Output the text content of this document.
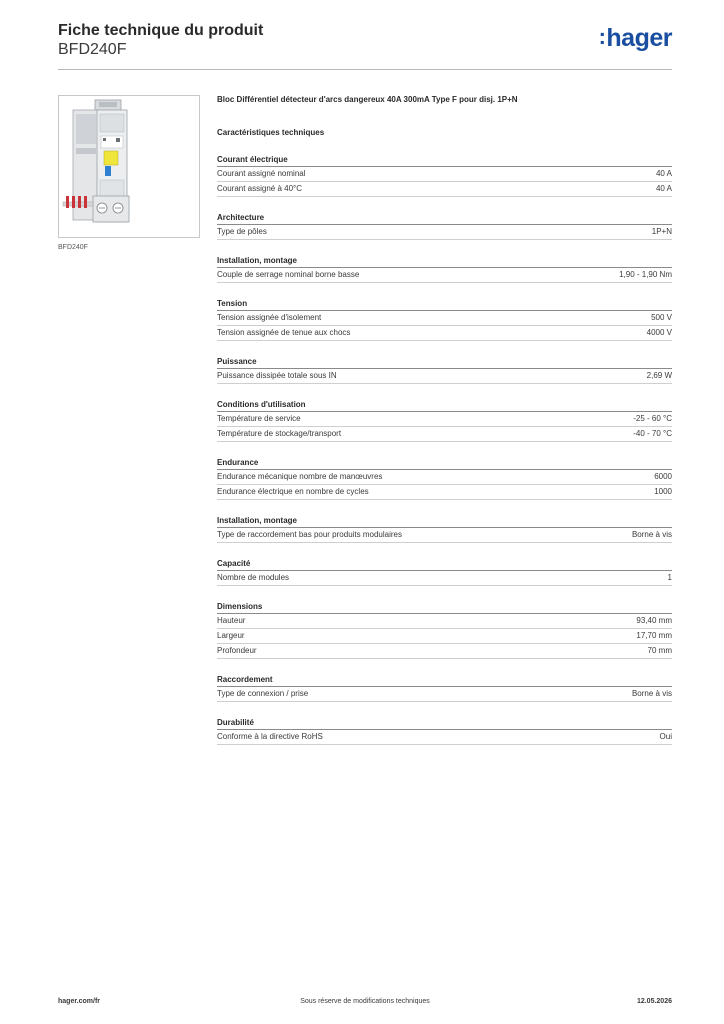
Fiche technique du produit
BFD240F
:hager
BFD240F
Bloc Différentiel détecteur d'arcs dangereux 40A 300mA Type F pour disj. 1P+N
Caractéristiques techniques
Courant électrique
Courant assigné nominal	40 A
Courant assigné à 40°C	40 A
Architecture
Type de pôles	1P+N
Installation, montage
Couple de serrage nominal borne basse	1,90 - 1,90 Nm
Tension
Tension assignée d'isolement	500 V
Tension assignée de tenue aux chocs	4000 V
Puissance
Puissance dissipée totale sous IN	2,69 W
Conditions d'utilisation
Température de service	-25 - 60 °C
Température de stockage/transport	-40 - 70 °C
Endurance
Endurance mécanique nombre de manœuvres	6000
Endurance électrique en nombre de cycles	1000
Installation, montage
Type de raccordement bas pour produits modulaires	Borne à vis
Capacité
Nombre de modules	1
Dimensions
Hauteur	93,40 mm
Largeur	17,70 mm
Profondeur	70 mm
Raccordement
Type de connexion / prise	Borne à vis
Durabilité
Conforme à la directive RoHS	Oui
hager.com/fr	Sous réserve de modifications techniques	12.05.2026
